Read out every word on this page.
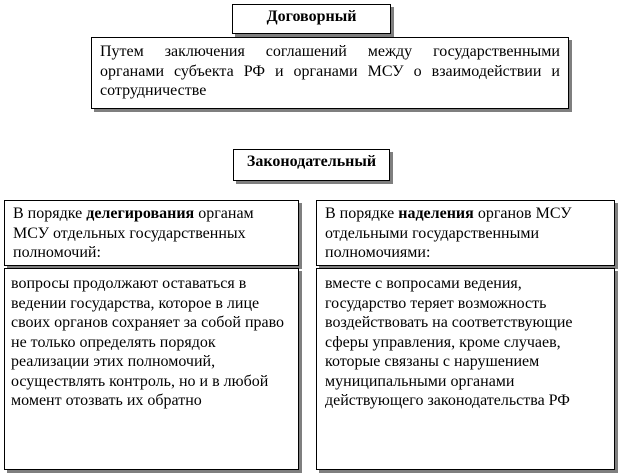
Договорный
Путем заключения соглашений между государственными органами субъекта РФ и органами МСУ о взаимодействии и сотрудничестве
Законодательный
В порядке делегирования органам МСУ отдельных государственных полномочий:
В порядке наделения органов МСУ отдельными государственными полномочиями:
вопросы продолжают оставаться в ведении государства, которое в лице своих органов сохраняет за собой право не только определять порядок реализации этих полномочий, осуществлять контроль, но и в любой момент отозвать их обратно
вместе с вопросами ведения, государство теряет возможность воздействовать на соответствующие сферы управления, кроме случаев, которые связаны с нарушением муниципальными органами действующего законодательства РФ
